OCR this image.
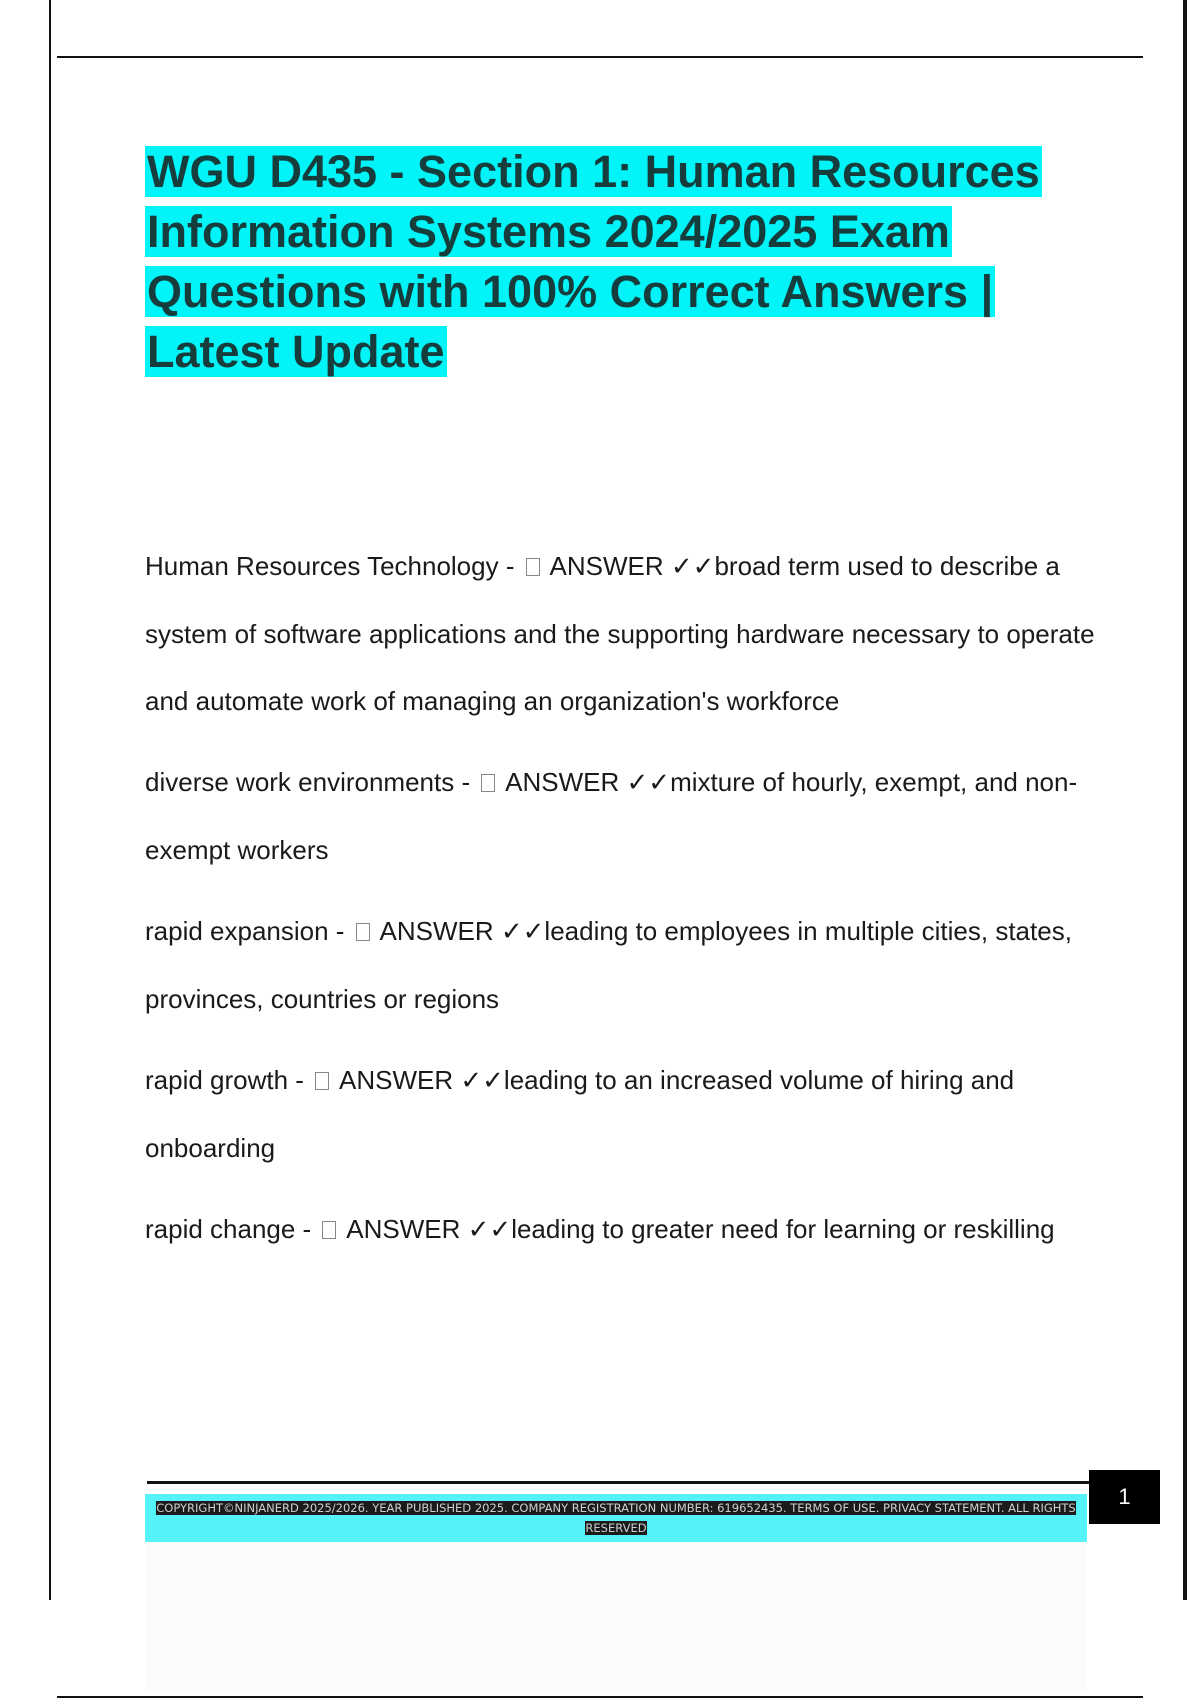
WGU D435 - Section 1: Human Resources Information Systems 2024/2025 Exam Questions with 100% Correct Answers | Latest Update

Human Resources Technology -  ANSWER ✓✓broad term used to describe a system of software applications and the supporting hardware necessary to operate and automate work of managing an organization's workforce

diverse work environments -  ANSWER ✓✓mixture of hourly, exempt, and non-exempt workers

rapid expansion -  ANSWER ✓✓leading to employees in multiple cities, states, provinces, countries or regions

rapid growth -  ANSWER ✓✓leading to an increased volume of hiring and onboarding

rapid change -  ANSWER ✓✓leading to greater need for learning or reskilling

COPYRIGHT©NINJANERD 2025/2026. YEAR PUBLISHED 2025. COMPANY REGISTRATION NUMBER: 619652435. TERMS OF USE. PRIVACY STATEMENT. ALL RIGHTS RESERVED
1
